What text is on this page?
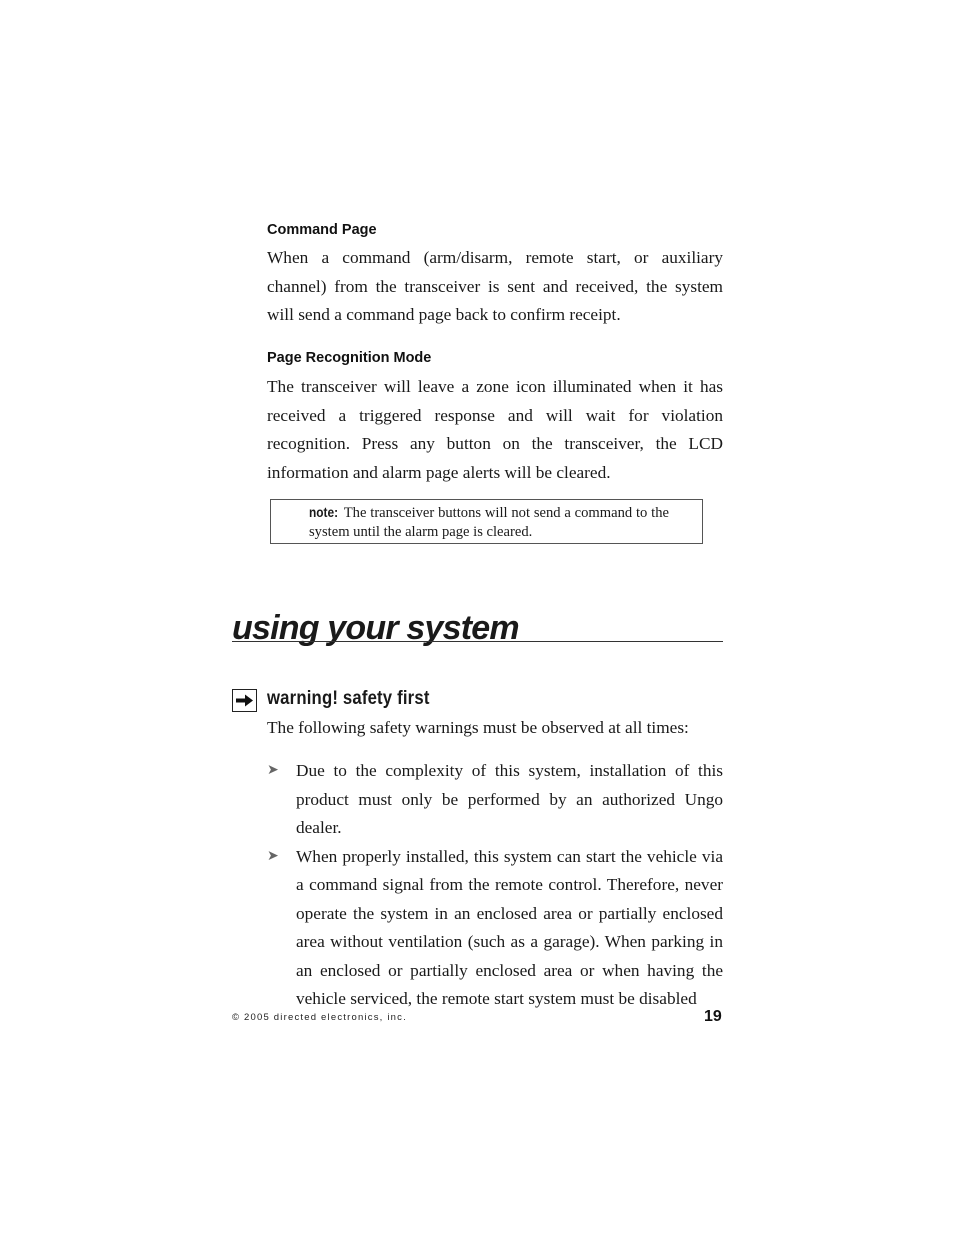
Command Page

When a command (arm/disarm, remote start, or auxiliary channel) from the transceiver is sent and received, the system will send a command page back to confirm receipt.

Page Recognition Mode

The transceiver will leave a zone icon illuminated when it has received a triggered response and will wait for violation recognition. Press any button on the transceiver, the LCD information and alarm page alerts will be cleared.

note: The transceiver buttons will not send a command to the system until the alarm page is cleared.
using your system
warning! safety first

The following safety warnings must be observed at all times:

➤ Due to the complexity of this system, installation of this product must only be performed by an authorized Ungo dealer.
➤ When properly installed, this system can start the vehicle via a command signal from the remote control. Therefore, never operate the system in an enclosed area or partially enclosed area without ventilation (such as a garage). When parking in an enclosed or partially enclosed area or when having the vehicle serviced, the remote start system must be disabled
© 2005 directed electronics, inc.	19
